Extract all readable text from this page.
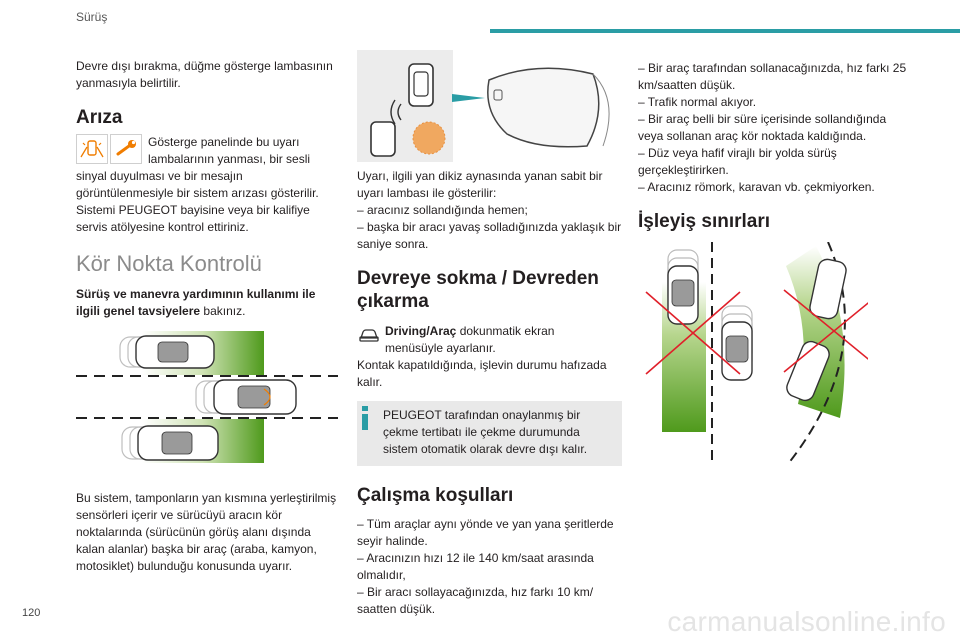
Sürüş

Devre dışı bırakma, düğme gösterge lambasının yanmasıyla belirtilir.

Arıza
Gösterge panelinde bu uyarı lambalarının yanması, bir sesli

sinyal duyulması ve bir mesajın görüntülenmesiyle bir sistem arızası gösterilir. Sistemi PEUGEOT bayisine veya bir kalifiye servis atölyesine kontrol ettiriniz.

Kör Nokta Kontrolü

Sürüş ve manevra yardımının kullanımı ile ilgili genel tavsiyelere bakınız.

Bu sistem, tamponların yan kısmına yerleştirilmiş sensörleri içerir ve sürücüyü aracın kör noktalarında (sürücünün görüş alanı dışında kalan alanlar) başka bir araç (araba, kamyon, motosiklet) bulunduğu konusunda uyarır.

Uyarı, ilgili yan dikiz aynasında yanan sabit bir uyarı lambası ile gösterilir:

– aracınız sollandığında hemen;

– başka bir aracı yavaş solladığınızda yaklaşık bir saniye sonra.

Devreye sokma / Devreden çıkarma
Driving/Araç dokunmatik ekran menüsüyle ayarlanır.

Kontak kapatıldığında, işlevin durumu hafızada kalır.

PEUGEOT tarafından onaylanmış bir çekme tertibatı ile çekme durumunda sistem otomatik olarak devre dışı kalır.
Çalışma koşulları

– Tüm araçlar aynı yönde ve yan yana şeritlerde seyir halinde.

– Aracınızın hızı 12 ile 140 km/saat arasında olmalıdır,

– Bir aracı sollayacağınızda, hız farkı 10 km/ saatten düşük.

– Bir araç tarafından sollanacağınızda, hız farkı 25 km/saatten düşük.

– Trafik normal akıyor.

– Bir araç belli bir süre içerisinde sollandığında veya sollanan araç kör noktada kaldığında.

– Düz veya hafif virajlı bir yolda sürüş gerçekleştirirken.

– Aracınız römork, karavan vb. çekmiyorken.

İşleyiş sınırları
120	carmanualsonline.info
